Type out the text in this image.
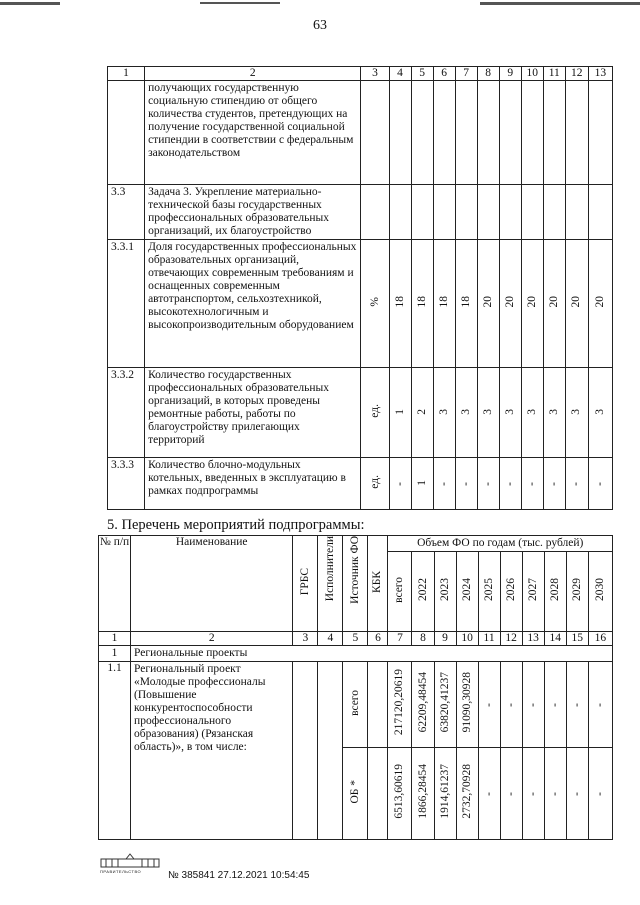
63
1	2	3	4	5	6	7	8	9	10	11	12	13
	получающих государственную социальную стипендию от общего количества студентов, претендующих на получение государственной социальной стипендии в соответствии с федеральным законодательством											
3.3	Задача 3. Укрепление материально-технической базы государственных профессиональных образовательных организаций, их благоустройство											
3.3.1	Доля государственных профессиональных образовательных организаций, отвечающих современным требованиям и оснащенных современным автотранспортом, сельхозтехникой, высокотехнологичным и высокопроизводительным оборудованием	%	18	18	18	18	20	20	20	20	20	20
3.3.2	Количество государственных профессиональных образовательных организаций, в которых проведены ремонтные работы, работы по благоустройству прилегающих территорий	ед.	1	2	3	3	3	3	3	3	3	3
3.3.3	Количество блочно-модульных котельных, введенных в эксплуатацию в рамках подпрограммы	ед.	-	1	-	-	-	-	-	-	-	-
5. Перечень мероприятий подпрограммы:
№ п/п	Наименование	ГРБС	Исполнители	Источник ФО	КБК	Объем ФО по годам (тыс. рублей)									
						всего	2022	2023	2024	2025	2026	2027	2028	2029	2030
1	2	3	4	5	6	7	8	9	10	11	12	13	14	15	16
1	Региональные проекты														
1.1	Региональный проект «Молодые профессионалы (Повышение конкурентоспособности профессионального образования) (Рязанская область)», в том числе:			всего		217120,20619	62209,48454	63820,41237	91090,30928	-	-	-	-	-	-
				ОБ *		6513,60619	1866,28454	1914,61237	2732,70928	-	-	-	-	-	-
ПРАВИТЕЛЬСТВО	№ 385841 27.12.2021 10:54:45
